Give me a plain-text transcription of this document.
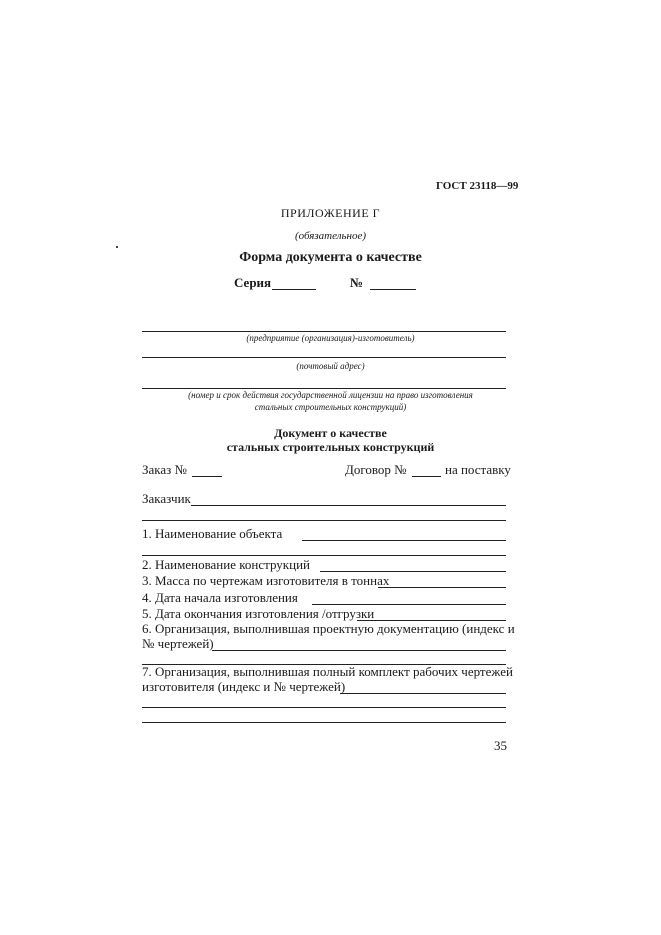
ГОСТ 23118—99
ПРИЛОЖЕНИЕ Г
(обязательное)
Форма документа о качестве
Серия	№
(предприятие (организация)-изготовитель)
(почтовый адрес)
(номер и срок действия государственной лицензии на право изготовления
стальных строительных конструкций)
Документ о качестве
стальных строительных конструкций
Заказ №	Договор №	на поставку
Заказчик
1. Наименование объекта
2. Наименование конструкций
3. Масса по чертежам изготовителя в тоннах
4. Дата начала изготовления
5. Дата окончания изготовления /отгрузки
6. Организация, выполнившая проектную документацию (индекс и
№ чертежей)
7. Организация, выполнившая полный комплект рабочих чертежей
изготовителя (индекс и № чертежей)
35
